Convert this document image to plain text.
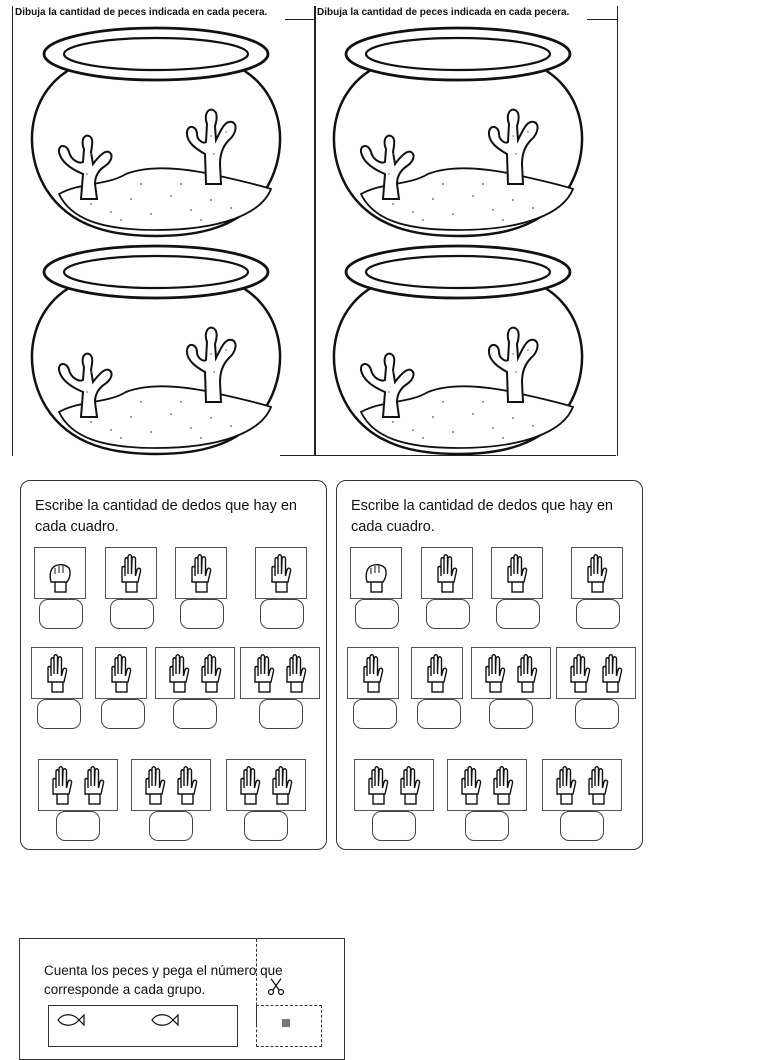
Dibuja la cantidad de peces indicada en cada pecera.	Dibuja la cantidad de peces indicada en cada pecera.
Escribe la cantidad de dedos que hay en cada cuadro.
Escribe la cantidad de dedos que hay en cada cuadro.
Cuenta los peces y pega el número que corresponde a cada grupo.
